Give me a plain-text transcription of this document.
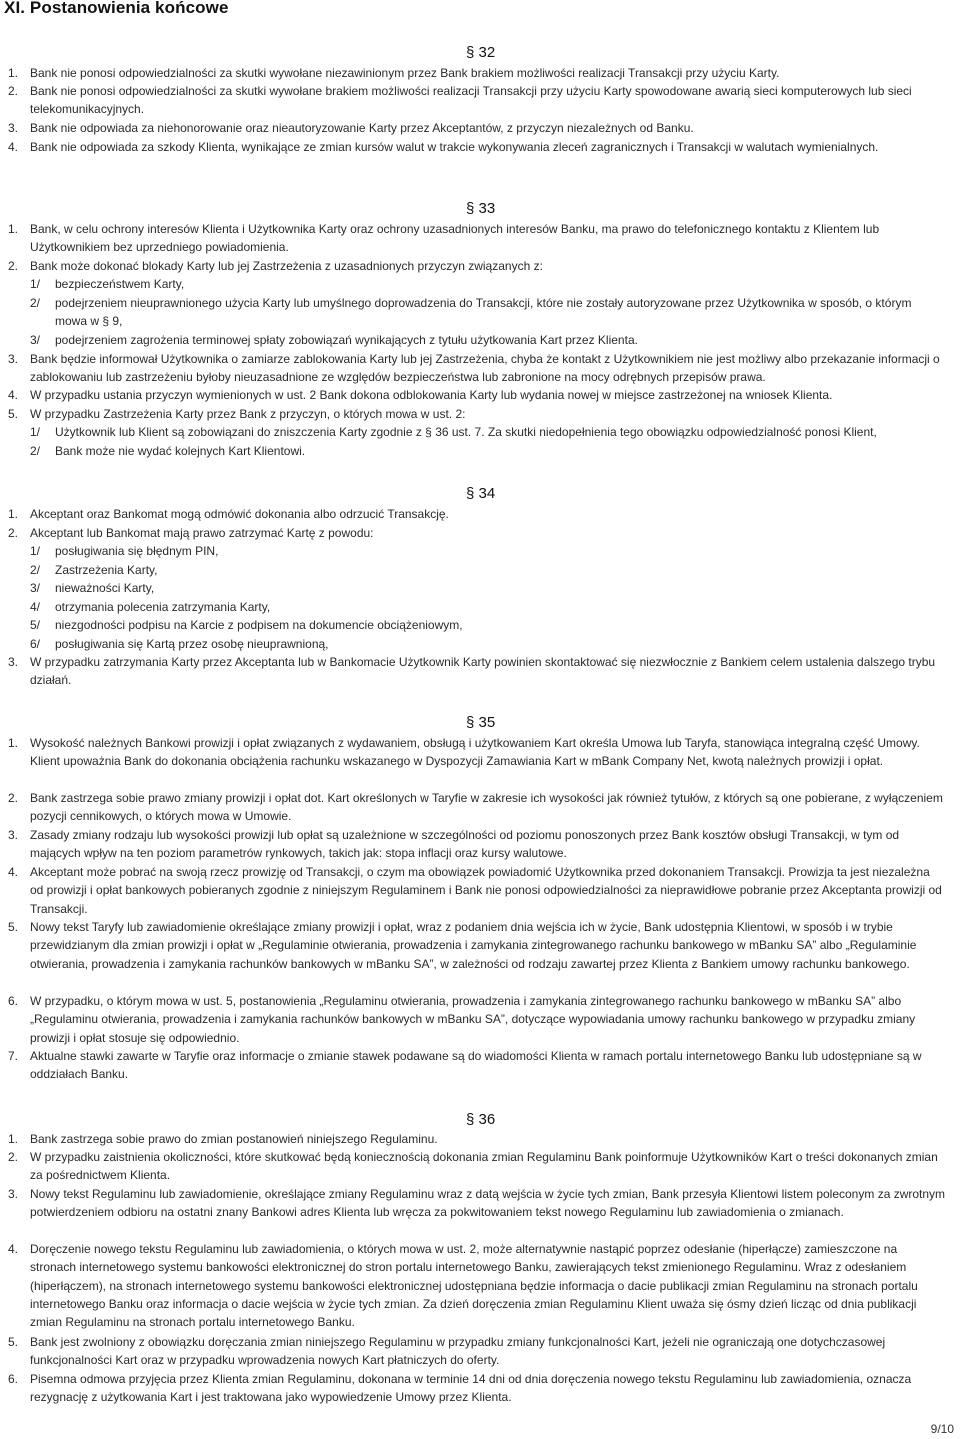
XI. Postanowienia końcowe
§ 32
1. Bank nie ponosi odpowiedzialności za skutki wywołane niezawinionym przez Bank brakiem możliwości realizacji Transakcji przy użyciu Karty.
2. Bank nie ponosi odpowiedzialności za skutki wywołane brakiem możliwości realizacji Transakcji przy użyciu Karty spowodowane awarią sieci komputerowych lub sieci telekomunikacyjnych.
3. Bank nie odpowiada za niehonorowanie oraz nieautoryzowanie Karty przez Akceptantów, z przyczyn niezależnych od Banku.
4. Bank nie odpowiada za szkody Klienta, wynikające ze zmian kursów walut w trakcie wykonywania zleceń zagranicznych i Transakcji w walutach wymienialnych.
§ 33
1. Bank, w celu ochrony interesów Klienta i Użytkownika Karty oraz ochrony uzasadnionych interesów Banku, ma prawo do telefonicznego kontaktu z Klientem lub Użytkownikiem bez uprzedniego powiadomienia.
2. Bank może dokonać blokady Karty lub jej Zastrzeżenia z uzasadnionych przyczyn związanych z:
1/	bezpieczeństwem Karty,
2/	podejrzeniem nieuprawnionego użycia Karty lub umyślnego doprowadzenia do Transakcji, które nie zostały autoryzowane przez Użytkownika w sposób, o którym mowa w § 9,
3/	podejrzeniem zagrożenia terminowej spłaty zobowiązań wynikających z tytułu użytkowania Kart przez Klienta.
3. Bank będzie informował Użytkownika o zamiarze zablokowania Karty lub jej Zastrzeżenia, chyba że kontakt z Użytkownikiem nie jest możliwy albo przekazanie informacji o zablokowaniu lub zastrzeżeniu byłoby nieuzasadnione ze względów bezpieczeństwa lub zabronione na mocy odrębnych przepisów prawa.
4. W przypadku ustania przyczyn wymienionych w ust. 2 Bank dokona odblokowania Karty lub wydania nowej w miejsce zastrzeżonej na wniosek Klienta.
5. W przypadku Zastrzeżenia Karty przez Bank z przyczyn, o których mowa w ust. 2:
1/	Użytkownik lub Klient są zobowiązani do zniszczenia Karty zgodnie z § 36 ust. 7. Za skutki niedopełnienia tego obowiązku odpowiedzialność ponosi Klient,
2/	Bank może nie wydać kolejnych Kart Klientowi.
§ 34
1. Akceptant oraz Bankomat mogą odmówić dokonania albo odrzucić Transakcję.
2. Akceptant lub Bankomat mają prawo zatrzymać Kartę z powodu:
1/	posługiwania się błędnym PIN,
2/	Zastrzeżenia Karty,
3/	nieważności Karty,
4/	otrzymania polecenia zatrzymania Karty,
5/	niezgodności podpisu na Karcie z podpisem na dokumencie obciążeniowym,
6/	posługiwania się Kartą przez osobę nieuprawnioną,
3. W przypadku zatrzymania Karty przez Akceptanta lub w Bankomacie Użytkownik Karty powinien skontaktować się niezwłocznie z Bankiem celem ustalenia dalszego trybu działań.
§ 35
1. Wysokość należnych Bankowi prowizji i opłat związanych z wydawaniem, obsługą i użytkowaniem Kart określa Umowa lub Taryfa, stanowiąca integralną część Umowy. Klient upoważnia Bank do dokonania obciążenia rachunku wskazanego w Dyspozycji Zamawiania Kart w mBank Company Net, kwotą należnych prowizji i opłat.
2. Bank zastrzega sobie prawo zmiany prowizji i opłat dot. Kart określonych w Taryfie w zakresie ich wysokości jak również tytułów, z których są one pobierane, z wyłączeniem pozycji cennikowych, o których mowa w Umowie.
3. Zasady zmiany rodzaju lub wysokości prowizji lub opłat są uzależnione w szczególności od poziomu ponoszonych przez Bank kosztów obsługi Transakcji, w tym od mających wpływ na ten poziom parametrów rynkowych, takich jak: stopa inflacji oraz kursy walutowe.
4. Akceptant może pobrać na swoją rzecz prowizję od Transakcji, o czym ma obowiązek powiadomić Użytkownika przed dokonaniem Transakcji. Prowizja ta jest niezależna od prowizji i opłat bankowych pobieranych zgodnie z niniejszym Regulaminem i Bank nie ponosi odpowiedzialności za nieprawidłowe pobranie przez Akceptanta prowizji od Transakcji.
5. Nowy tekst Taryfy lub zawiadomienie określające zmiany prowizji i opłat, wraz z podaniem dnia wejścia ich w życie, Bank udostępnia Klientowi, w sposób i w trybie przewidzianym dla zmian prowizji i opłat w „Regulaminie otwierania, prowadzenia i zamykania zintegrowanego rachunku bankowego w mBanku SA” albo „Regulaminie otwierania, prowadzenia i zamykania rachunków bankowych w mBanku SA”, w zależności od rodzaju zawartej przez Klienta z Bankiem umowy rachunku bankowego.
6. W przypadku, o którym mowa w ust. 5, postanowienia „Regulaminu otwierania, prowadzenia i zamykania zintegrowanego rachunku bankowego w mBanku SA” albo „Regulaminu otwierania, prowadzenia i zamykania rachunków bankowych w mBanku SA”, dotyczące wypowiadania umowy rachunku bankowego w przypadku zmiany prowizji i opłat stosuje się odpowiednio.
7. Aktualne stawki zawarte w Taryfie oraz informacje o zmianie stawek podawane są do wiadomości Klienta w ramach portalu internetowego Banku lub udostępniane są w oddziałach Banku.
§ 36
1. Bank zastrzega sobie prawo do zmian postanowień niniejszego Regulaminu.
2. W przypadku zaistnienia okoliczności, które skutkować będą koniecznością dokonania zmian Regulaminu Bank poinformuje Użytkowników Kart o treści dokonanych zmian za pośrednictwem Klienta.
3. Nowy tekst Regulaminu lub zawiadomienie, określające zmiany Regulaminu wraz z datą wejścia w życie tych zmian, Bank przesyła Klientowi listem poleconym za zwrotnym potwierdzeniem odbioru na ostatni znany Bankowi adres Klienta lub wręcza za pokwitowaniem tekst nowego Regulaminu lub zawiadomienia o zmianach.
4. Doręczenie nowego tekstu Regulaminu lub zawiadomienia, o których mowa w ust. 2, może alternatywnie nastąpić poprzez odesłanie (hiperłącze) zamieszczone na stronach internetowego systemu bankowości elektronicznej do stron portalu internetowego Banku, zawierających tekst zmienionego Regulaminu. Wraz z odesłaniem (hiperłączem), na stronach internetowego systemu bankowości elektronicznej udostępniana będzie informacja o dacie publikacji zmian Regulaminu na stronach portalu internetowego Banku oraz informacja o dacie wejścia w życie tych zmian. Za dzień doręczenia zmian Regulaminu Klient uważa się ósmy dzień licząc od dnia publikacji zmian Regulaminu na stronach portalu internetowego Banku.
5. Bank jest zwolniony z obowiązku doręczania zmian niniejszego Regulaminu w przypadku zmiany funkcjonalności Kart, jeżeli nie ograniczają one dotychczasowej funkcjonalności Kart oraz w przypadku wprowadzenia nowych Kart płatniczych do oferty.
6. Pisemna odmowa przyjęcia przez Klienta zmian Regulaminu, dokonana w terminie 14 dni od dnia doręczenia nowego tekstu Regulaminu lub zawiadomienia, oznacza rezygnację z użytkowania Kart i jest traktowana jako wypowiedzenie Umowy przez Klienta.
9/10
